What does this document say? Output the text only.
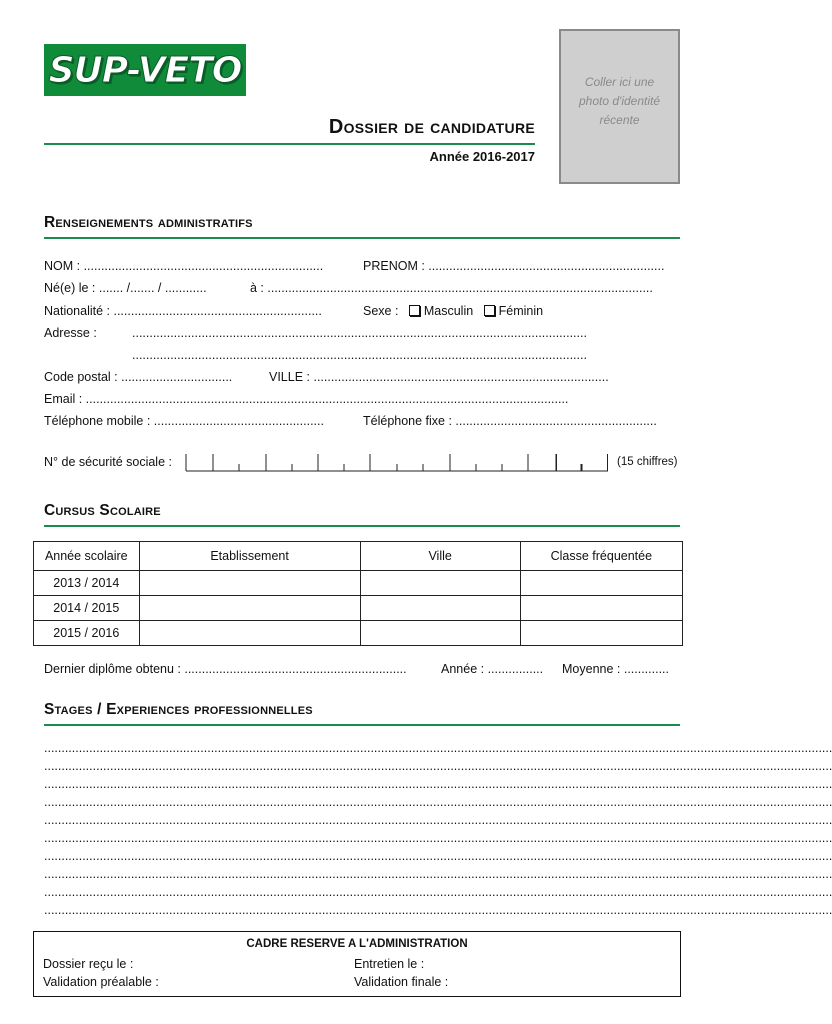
SUP-VETO	Coller ici une
photo d'identité
récente
Dossier de candidature
Année 2016-2017
Renseignements administratifs
NOM : .....................................................................	PRENOM : ....................................................................
Né(e) le : ....... /....... / ............	à : ...............................................................................................................
Nationalité : ............................................................	Sexe : Masculin Féminin
Adresse :	...................................................................................................................................
...................................................................................................................................
Code postal : ................................	VILLE : .....................................................................................
Email : ...........................................................................................................................................
Téléphone mobile : .................................................	Téléphone fixe : ..........................................................
N° de sécurité sociale :	(15 chiffres)
Cursus Scolaire
Année scolaire	Etablissement	Ville	Classe fréquentée
2013 / 2014			
2014 / 2015			
2015 / 2016			
Dernier diplôme obtenu : ................................................................	Année : ................	Moyenne : .............
Stages / Experiences professionnelles
...................................................................................................................................................................................................................................
...................................................................................................................................................................................................................................
...................................................................................................................................................................................................................................
...................................................................................................................................................................................................................................
...................................................................................................................................................................................................................................
...................................................................................................................................................................................................................................
...................................................................................................................................................................................................................................
...................................................................................................................................................................................................................................
...................................................................................................................................................................................................................................
...................................................................................................................................................................................................................................
CADRE RESERVE A L'ADMINISTRATION
Dossier reçu le :	Entretien le :
Validation préalable :	Validation finale :
